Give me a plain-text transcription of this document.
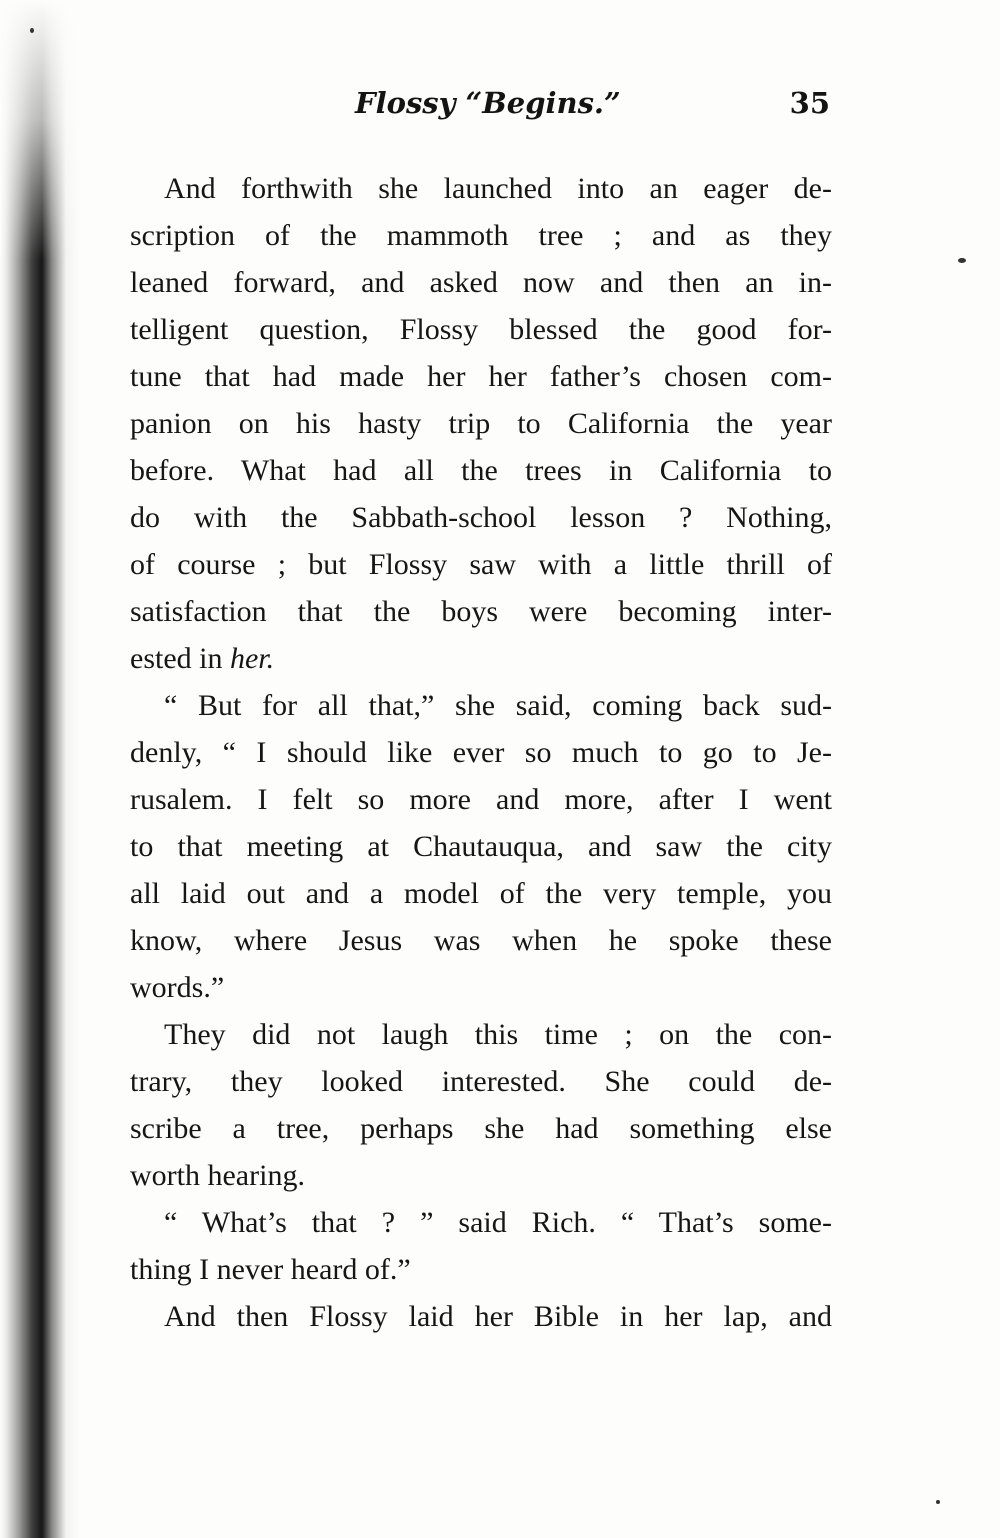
Flossy “Begins.”	35
And forthwith she launched into an eager de-
scription of the mammoth tree ; and as they
leaned forward, and asked now and then an in-
telligent question, Flossy blessed the good for-
tune that had made her her father’s chosen com-
panion on his hasty trip to California the year
before. What had all the trees in California to
do with the Sabbath-school lesson ? Nothing,
of course ; but Flossy saw with a little thrill of
satisfaction that the boys were becoming inter-
ested in her.
“ But for all that,” she said, coming back sud-
denly, “ I should like ever so much to go to Je-
rusalem. I felt so more and more, after I went
to that meeting at Chautauqua, and saw the city
all laid out and a model of the very temple, you
know, where Jesus was when he spoke these
words.”
They did not laugh this time ; on the con-
trary, they looked interested. She could de-
scribe a tree, perhaps she had something else
worth hearing.
“ What’s that ? ” said Rich. “ That’s some-
thing I never heard of.”
And then Flossy laid her Bible in her lap, and
